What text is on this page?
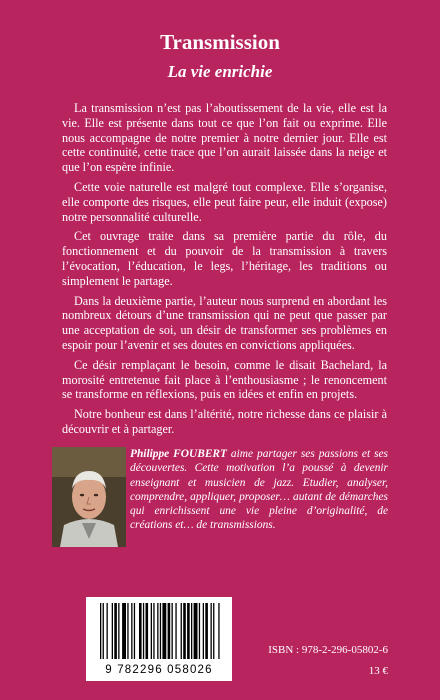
Transmission
La vie enrichie

La transmission n’est pas l’aboutissement de la vie, elle est la vie. Elle est présente dans tout ce que l’on fait ou exprime. Elle nous accompagne de notre premier à notre dernier jour. Elle est cette continuité, cette trace que l’on aurait laissée dans la neige et que l’on espère infinie.

Cette voie naturelle est malgré tout complexe. Elle s’organise, elle comporte des risques, elle peut faire peur, elle induit (expose) notre personnalité culturelle.

Cet ouvrage traite dans sa première partie du rôle, du fonctionnement et du pouvoir de la transmission à travers l’évocation, l’éducation, le legs, l’héritage, les traditions ou simplement le partage.

Dans la deuxième partie, l’auteur nous surprend en abordant les nombreux détours d’une transmission qui ne peut que passer par une acceptation de soi, un désir de transformer ses problèmes en espoir pour l’avenir et ses doutes en convictions appliquées.

Ce désir remplaçant le besoin, comme le disait Bachelard, la morosité entretenue fait place à l’enthousiasme ; le renoncement se transforme en réflexions, puis en idées et enfin en projets.

Notre bonheur est dans l’altérité, notre richesse dans ce plaisir à découvrir et à partager.

Philippe FOUBERT aime partager ses passions et ses découvertes. Cette motivation l’a poussé à devenir enseignant et musicien de jazz. Etudier, analyser, comprendre, appliquer, proposer… autant de démarches qui enrichissent une vie pleine d’originalité, de créations et… de transmissions.
9 782296 058026
ISBN : 978-2-296-05802-6
13 €
